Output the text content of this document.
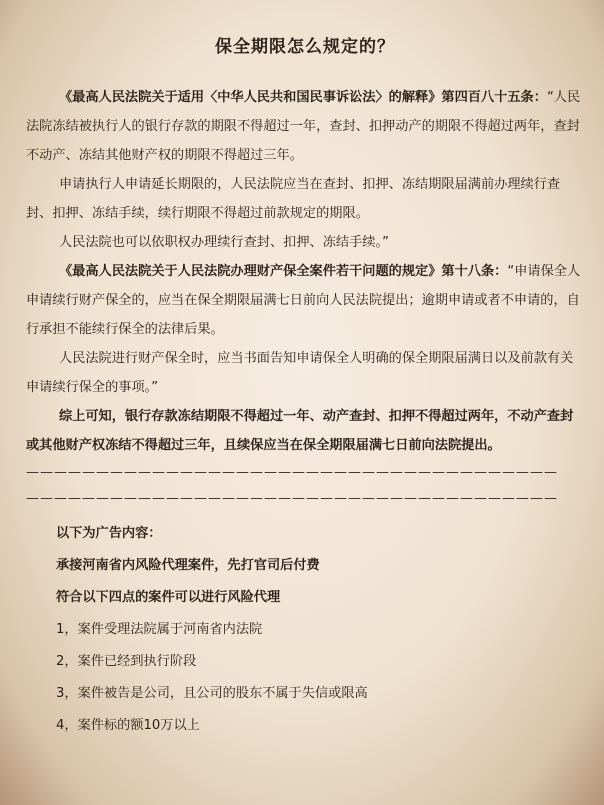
保全期限怎么规定的？

《最高人民法院关于适用〈中华人民共和国民事诉讼法〉的解释》第四百八十五条：“人民法院冻结被执行人的银行存款的期限不得超过一年，查封、扣押动产的期限不得超过两年，查封不动产、冻结其他财产权的期限不得超过三年。

申请执行人申请延长期限的，人民法院应当在查封、扣押、冻结期限届满前办理续行查封、扣押、冻结手续，续行期限不得超过前款规定的期限。

人民法院也可以依职权办理续行查封、扣押、冻结手续。”

《最高人民法院关于人民法院办理财产保全案件若干问题的规定》第十八条：“申请保全人申请续行财产保全的，应当在保全期限届满七日前向人民法院提出；逾期申请或者不申请的，自行承担不能续行保全的法律后果。

人民法院进行财产保全时，应当书面告知申请保全人明确的保全期限届满日以及前款有关申请续行保全的事项。”

综上可知，银行存款冻结期限不得超过一年、动产查封、扣押不得超过两年，不动产查封或其他财产权冻结不得超过三年，且续保应当在保全期限届满七日前向法院提出。

——————————————————————————————————————

——————————————————————————————————————

以下为广告内容：

承接河南省内风险代理案件，先打官司后付费

符合以下四点的案件可以进行风险代理

1，案件受理法院属于河南省内法院

2，案件已经到执行阶段

3，案件被告是公司，且公司的股东不属于失信或限高

4，案件标的额10万以上
